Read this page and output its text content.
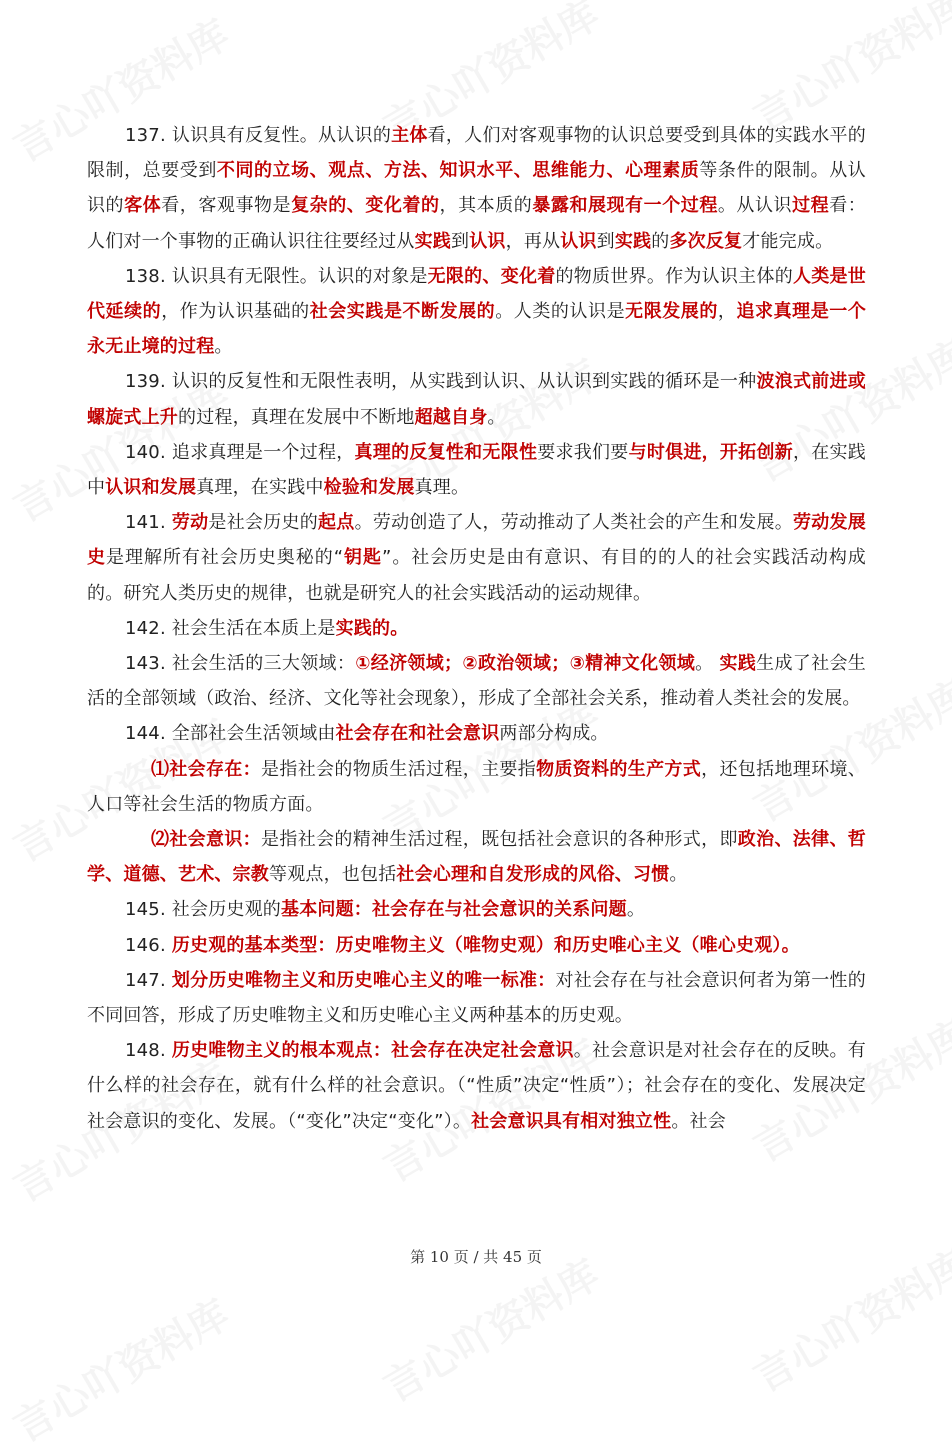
137. 认识具有反复性。从认识的主体看，人们对客观事物的认识总要受到具体的实践水平的限制，总要受到不同的立场、观点、方法、知识水平、思维能力、心理素质等条件的限制。从认识的客体看，客观事物是复杂的、变化着的，其本质的暴露和展现有一个过程。从认识过程看：人们对一个事物的正确认识往往要经过从实践到认识，再从认识到实践的多次反复才能完成。

138. 认识具有无限性。认识的对象是无限的、变化着的物质世界。作为认识主体的人类是世代延续的，作为认识基础的社会实践是不断发展的。人类的认识是无限发展的，追求真理是一个永无止境的过程。

139. 认识的反复性和无限性表明，从实践到认识、从认识到实践的循环是一种波浪式前进或螺旋式上升的过程，真理在发展中不断地超越自身。

140. 追求真理是一个过程，真理的反复性和无限性要求我们要与时俱进，开拓创新，在实践中认识和发展真理，在实践中检验和发展真理。

141. 劳动是社会历史的起点。劳动创造了人，劳动推动了人类社会的产生和发展。劳动发展史是理解所有社会历史奥秘的“钥匙”。社会历史是由有意识、有目的的人的社会实践活动构成的。研究人类历史的规律，也就是研究人的社会实践活动的运动规律。

142. 社会生活在本质上是实践的。

143. 社会生活的三大领域：①经济领域；②政治领域；③精神文化领域。 实践生成了社会生活的全部领域（政治、经济、文化等社会现象），形成了全部社会关系，推动着人类社会的发展。

144. 全部社会生活领域由社会存在和社会意识两部分构成。

⑴社会存在：是指社会的物质生活过程，主要指物质资料的生产方式，还包括地理环境、人口等社会生活的物质方面。

⑵社会意识：是指社会的精神生活过程，既包括社会意识的各种形式，即政治、法律、哲学、道德、艺术、宗教等观点，也包括社会心理和自发形成的风俗、习惯。

145. 社会历史观的基本问题：社会存在与社会意识的关系问题。

146. 历史观的基本类型：历史唯物主义（唯物史观）和历史唯心主义（唯心史观）。

147. 划分历史唯物主义和历史唯心主义的唯一标准：对社会存在与社会意识何者为第一性的不同回答，形成了历史唯物主义和历史唯心主义两种基本的历史观。

148. 历史唯物主义的根本观点：社会存在决定社会意识。社会意识是对社会存在的反映。有什么样的社会存在，就有什么样的社会意识。（“性质”决定“性质”）；社会存在的变化、发展决定社会意识的变化、发展。（“变化”决定“变化”）。社会意识具有相对独立性。社会

第 10 页 / 共 45 页
